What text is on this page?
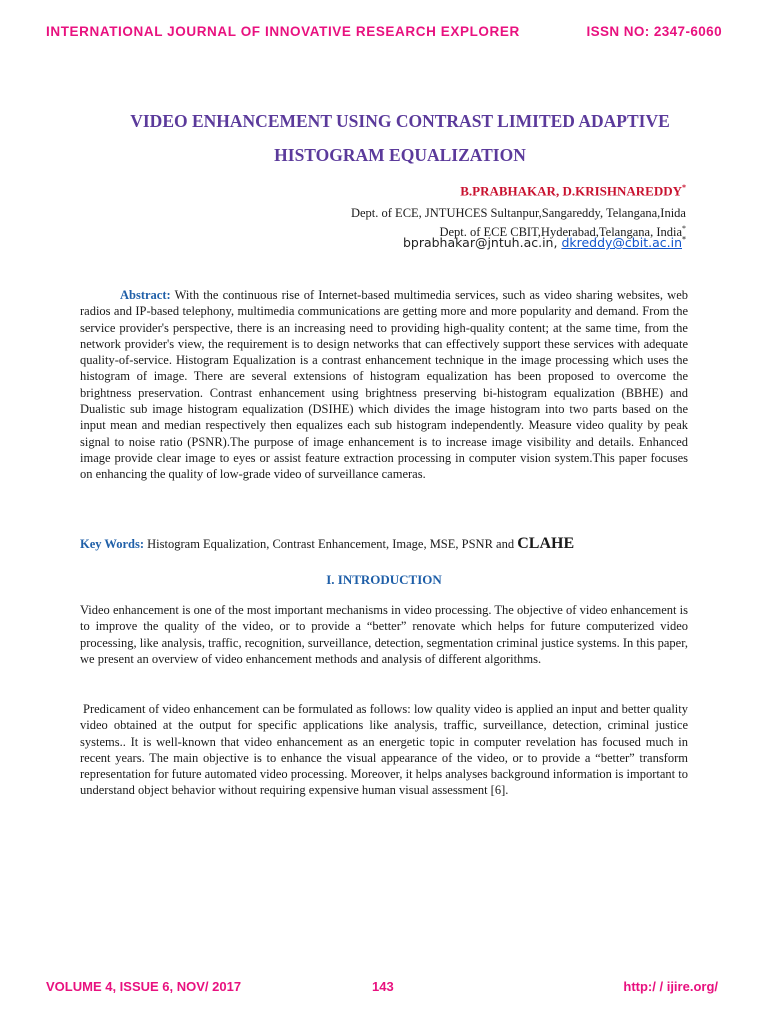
INTERNATIONAL JOURNAL OF INNOVATIVE RESEARCH EXPLORER	ISSN NO: 2347-6060
VIDEO ENHANCEMENT USING CONTRAST LIMITED ADAPTIVE
HISTOGRAM EQUALIZATION
B.PRABHAKAR, D.KRISHNAREDDY*
Dept. of ECE, JNTUHCES Sultanpur,Sangareddy, Telangana,Inida
Dept. of ECE CBIT,Hyderabad,Telangana, India*
bprabhakar@jntuh.ac.in, dkreddy@cbit.ac.in*
Abstract: With the continuous rise of Internet-based multimedia services, such as video sharing websites, web radios and IP-based telephony, multimedia communications are getting more and more popularity and demand. From the service provider's perspective, there is an increasing need to providing high-quality content; at the same time, from the network provider's view, the requirement is to design networks that can effectively support these services with adequate quality-of-service. Histogram Equalization is a contrast enhancement technique in the image processing which uses the histogram of image. There are several extensions of histogram equalization has been proposed to overcome the brightness preservation. Contrast enhancement using brightness preserving bi-histogram equalization (BBHE) and Dualistic sub image histogram equalization (DSIHE) which divides the image histogram into two parts based on the input mean and median respectively then equalizes each sub histogram independently. Measure video quality by peak signal to noise ratio (PSNR).The purpose of image enhancement is to increase image visibility and details. Enhanced image provide clear image to eyes or assist feature extraction processing in computer vision system.This paper focuses on enhancing the quality of low-grade video of surveillance cameras.
Key Words: Histogram Equalization, Contrast Enhancement, Image, MSE, PSNR and CLAHE
I. INTRODUCTION
Video enhancement is one of the most important mechanisms in video processing. The objective of video enhancement is to improve the quality of the video, or to provide a “better” renovate which helps for future computerized video processing, like analysis, traffic, recognition, surveillance, detection, segmentation criminal justice systems. In this paper, we present an overview of video enhancement methods and analysis of different algorithms.
Predicament of video enhancement can be formulated as follows: low quality video is applied an input and better quality video obtained at the output for specific applications like analysis, traffic, surveillance, detection, criminal justice systems.. It is well-known that video enhancement as an energetic topic in computer revelation has focused much in recent years. The main objective is to enhance the visual appearance of the video, or to provide a “better” transform representation for future automated video processing. Moreover, it helps analyses background information is important to understand object behavior without requiring expensive human visual assessment [6].
VOLUME 4, ISSUE 6, NOV/ 2017	143	http:/ / ijire.org/
